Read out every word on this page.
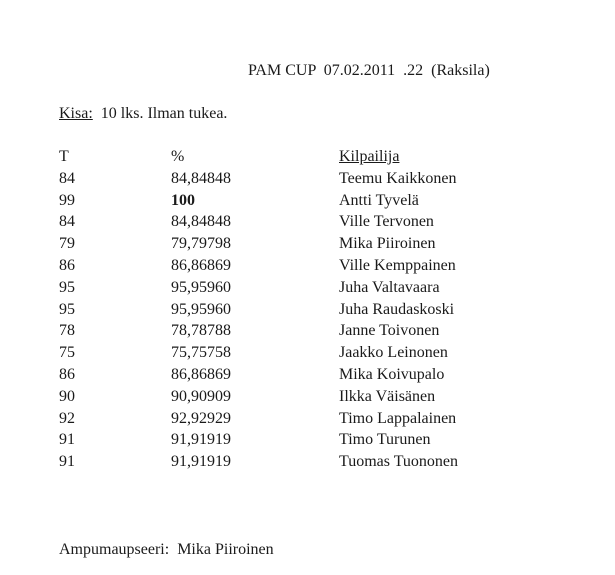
PAM CUP  07.02.2011  .22  (Raksila)
Kisa: 10 lks. Ilman tukea.
T	%	Kilpailija
84	84,84848	Teemu Kaikkonen
99	100	Antti Tyvelä
84	84,84848	Ville Tervonen
79	79,79798	Mika Piiroinen
86	86,86869	Ville Kemppainen
95	95,95960	Juha Valtavaara
95	95,95960	Juha Raudaskoski
78	78,78788	Janne Toivonen
75	75,75758	Jaakko Leinonen
86	86,86869	Mika Koivupalo
90	90,90909	Ilkka Väisänen
92	92,92929	Timo Lappalainen
91	91,91919	Timo Turunen
91	91,91919	Tuomas Tuononen
Ampumaupseeri:  Mika Piiroinen
